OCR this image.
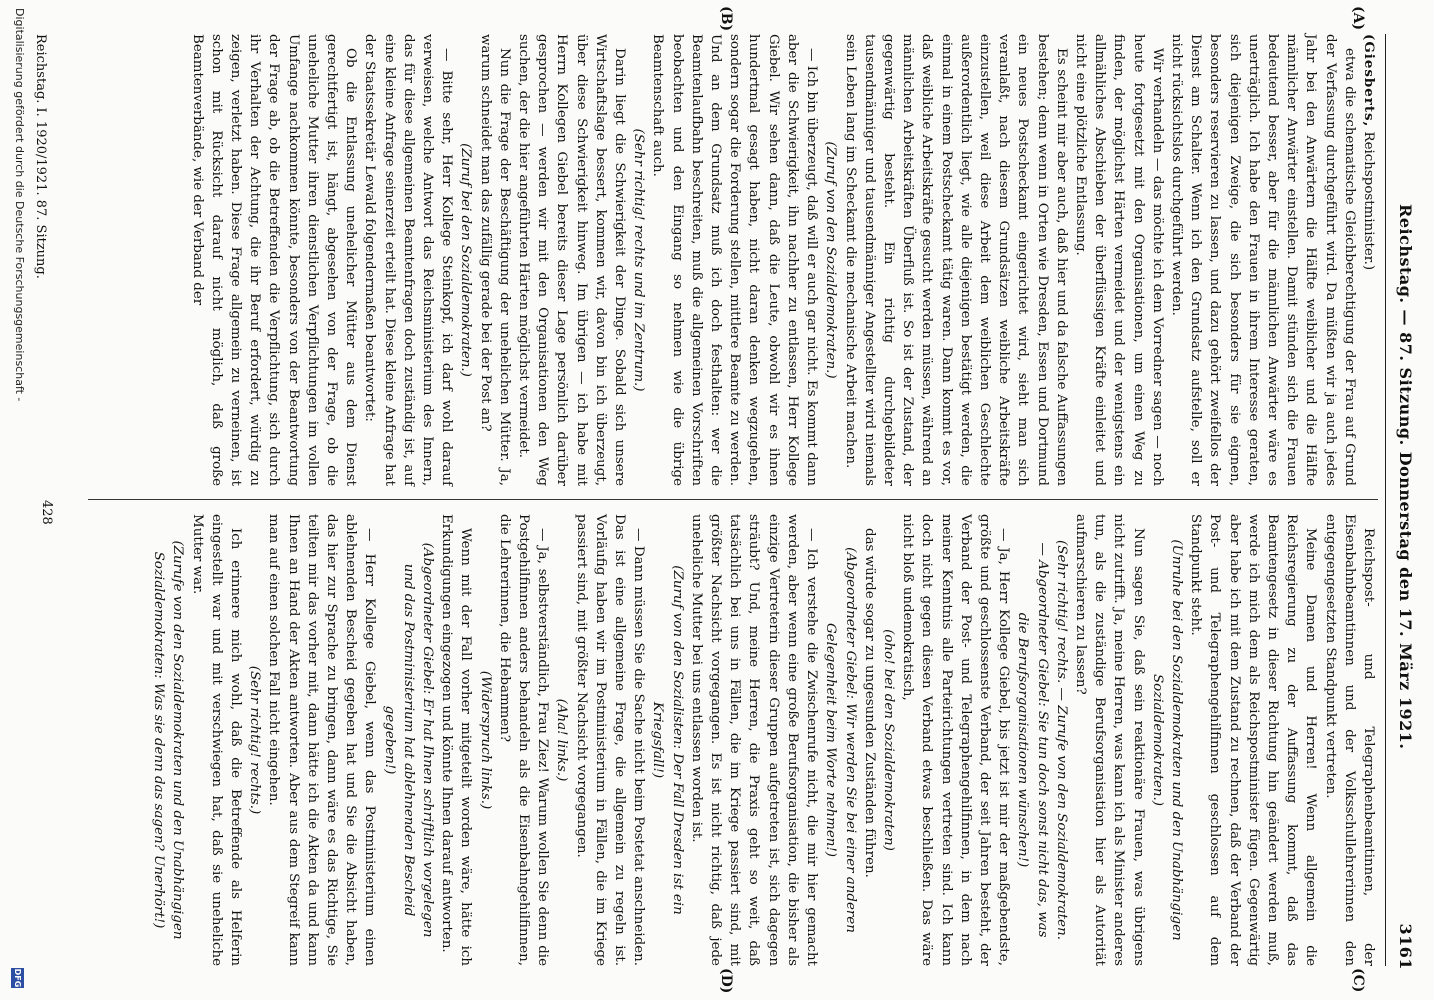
Reichstag. — 87. Sitzung. Donnerstag den 17. März 1921.
3161
(A)
(B)
(C)
(D)

(Giesberts, Reichspostminister.)

etwa die schematische Gleichberechtigung der Frau auf Grund der Verfassung durchgeführt wird. Da müßten wir ja auch jedes Jahr bei den Anwärtern die Hälfte weiblicher und die Hälfte männlicher Anwärter einstellen. Damit stünden sich die Frauen bedeutend besser, aber für die männlichen Anwärter wäre es unerträglich. Ich habe den Frauen in ihrem Interesse geraten, sich diejenigen Zweige, die sich besonders für sie eignen, besonders reservieren zu lassen, und dazu gehört zweifellos der Dienst am Schalter. Wenn ich den Grundsatz aufstelle, soll er nicht rücksichtslos durchgeführt werden.

Wir verhandeln — das möchte ich dem Vorredner sagen — noch heute fortgesetzt mit den Organisationen, um einen Weg zu finden, der möglichst Härten vermeidet und der wenigstens ein allmähliches Abschieben der überflüssigen Kräfte einleitet und nicht eine plötzliche Entlassung.

Es scheint mir aber auch, daß hier und da falsche Auffassungen bestehen; denn wenn in Orten wie Dresden, Essen und Dortmund ein neues Postscheckamt eingerichtet wird, sieht man sich veranlaßt, nach diesem Grundsätzen weibliche Arbeitskräfte einzustellen, weil diese Arbeit dem weiblichen Geschlechte außerordentlich liegt, wie alle diejenigen bestätigt werden, die einmal in einem Postscheckamt tätig waren. Dann kommt es vor, daß weibliche Arbeitskräfte gesucht werden müssen, während an männlichen Arbeitskräften Überfluß ist. So ist der Zustand, der gegenwärtig besteht. Ein richtig durchgebildeter tausendmänniger und tausendmänniger Angestellter wird niemals sein Leben lang im Scheckamt die mechanische Arbeit machen.

(Zuruf von den Sozialdemokraten.)

— Ich bin überzeugt, daß will er auch gar nicht. Es kommt dann aber die Schwierigkeit, ihn nachher zu entlassen, Herr Kollege Giebel. Wir sehen dann, daß die Leute, obwohl wir es ihnen hundertmal gesagt haben, nicht daran denken wegzugehen, sondern sogar die Forderung stellen, mittlere Beamte zu werden. Und an dem Grundsatz muß ich doch festhalten: wer die Beamtenlaufbahn beschreiten, muß die allgemeinen Vorschriften beobachten und den Eingang so nehmen wie die übrige Beamtenschaft auch.

(Sehr richtig! rechts und im Zentrum.)

Darin liegt die Schwierigkeit der Dinge. Sobald sich unsere Wirtschaftslage bessert, kommen wir, davon bin ich überzeugt, über diese Schwierigkeit hinweg. Im übrigen — ich habe mit Herrn Kollegen Giebel bereits dieser Lage persönlich darüber gesprochen — werden wir mit den Organisationen den Weg suchen, der die hier angeführten Härten möglichst vermeidet.

Nun die Frage der Beschäftigung der unehelichen Mütter. Ja, warum schneidet man das zufällig gerade bei der Post an?

(Zuruf bei den Sozialdemokraten.)

— Bitte sehr, Herr Kollege Steinkopf, ich darf wohl darauf verweisen, welche Antwort das Reichsministerium des Innern, das für diese allgemeinen Beamtenfragen doch zuständig ist, auf eine kleine Anfrage seinerzeit erteilt hat. Diese kleine Anfrage hat der Staatssekretär Lewald folgendermaßen beantwortet:

Ob die Entlassung unehelicher Mütter aus dem Dienst gerechtfertigt ist, hängt, abgesehen von der Frage, ob die uneheliche Mutter ihren dienstlichen Verpflichtungen im vollen Umfange nachkommen könnte, besonders von der Beantwortung der Frage ab, ob die Betreffenden die Verpflichtung, sich durch ihr Verhalten der Achtung, die ihr Beruf erfordert, würdig zu zeigen, verletzt haben. Diese Frage allgemein zu verneinen, ist schon mit Rücksicht darauf nicht möglich, daß große Beamtenverbände, wie der Verband der

Reichspost- und Telegraphenbeamtinnen, der Eisenbahnbeamtinnen und der Volksschullehrerinnen den entgegengesetzten Standpunkt vertreten.

Meine Damen und Herren! Wenn allgemein die Reichsregierung zu der Auffassung kommt, daß das Beamtengesetz in dieser Richtung hin geändert werden muß, werde ich mich dem als Reichspostminister fügen. Gegenwärtig aber habe ich mit dem Zustand zu rechnen, daß der Verband der Post- und Telegraphengehilfinnen geschlossen auf dem Standpunkt steht.

(Unruhe bei den Sozialdemokraten und den Unabhängigen Sozialdemokraten.)

Nun sagen Sie, daß sein reaktionäre Frauen, was übrigens nicht zutrifft. Ja, meine Herren, was kann ich als Minister anderes tun, als die zuständige Berufsorganisation hier als Autorität aufmarschieren zu lassen?

(Sehr richtig! rechts. — Zurufe von den Sozialdemokraten. — Abgeordneter Giebel: Sie tun doch sonst nicht das, was die Berufsorganisationen wünschen!)

— Ja, Herr Kollege Giebel, bis jetzt ist mir der maßgebendste, größte und geschlossenste Verband, der seit Jahren besteht, der Verband der Post- und Telegraphengehilfinnen, in dem nach meiner Kenntnis alle Parteirichtungen vertreten sind. Ich kann doch nicht gegen diesen Verband etwas beschließen. Das wäre nicht bloß undemokratisch,

(oho! bei den Sozialdemokraten)

das würde sogar zu ungesunden Zuständen führen.

(Abgeordneter Giebel: Wir werden Sie bei einer anderen Gelegenheit beim Worte nehmen!)

— Ich verstehe die Zwischenrufe nicht, die mir hier gemacht werden, aber wenn eine große Berufsorganisation, die bisher als einzige Vertreterin dieser Gruppen aufgetreten ist, sich dagegen sträubt? Und, meine Herren, die Praxis geht so weit, daß tatsächlich bei uns in Fällen, die im Kriege passiert sind, mit größter Nachsicht vorgegangen. Es ist nicht richtig, daß jede uneheliche Mutter bei uns entlassen worden ist.

(Zuruf von den Sozialisten: Der Fall Dresden ist ein Kriegsfall!)

— Dann müssen Sie die Sache nicht beim Postetat anschneiden. Das ist eine allgemeine Frage, die allgemein zu regeln ist. Vorläufig haben wir im Postministerium in Fällen, die im Kriege passiert sind, mit größter Nachsicht vorgegangen.

(Aha! links.)

— Ja, selbstverständlich, Frau Ziez! Warum wollen Sie denn die Postgehilfinnen anders behandeln als die Eisenbahngehilfinnen, die Lehrerinnen, die Hebammen?

(Widerspruch links.)

Wenn mit der Fall vorher mitgeteilt worden wäre, hätte ich Erkundigungen eingezogen und könnte Ihnen darauf antworten.

(Abgeordneter Giebel: Er hat Ihnen schriftlich vorgelegen und das Postministerium hat ablehnenden Bescheid gegeben!)

— Herr Kollege Giebel, wenn das Postministerium einen ablehnenden Bescheid gegeben hat und Sie die Absicht haben, das hier zur Sprache zu bringen, dann wäre es das Richtige, Sie teilten mir das vorher mit, dann hätte ich die Akten da und kann Ihnen an Hand der Akten antworten. Aber aus dem Stegreif kann man auf einen solchen Fall nicht eingehen.

(Sehr richtig! rechts.)

Ich erinnere mich wohl, daß die Betreffende als Helferin eingestellt war und mit verschwiegen hat, daß sie uneheliche Mutter war.

(Zurufe von den Sozialdemokraten und den Unabhängigen Sozialdemokraten: Was sie denn das sagen? Unerhört!)

Reichstag. I. 1920/1921. 87. Sitzung.
428
Digitalisierung gefördert durch die Deutsche Forschungsgemeinschaft -
DFG
